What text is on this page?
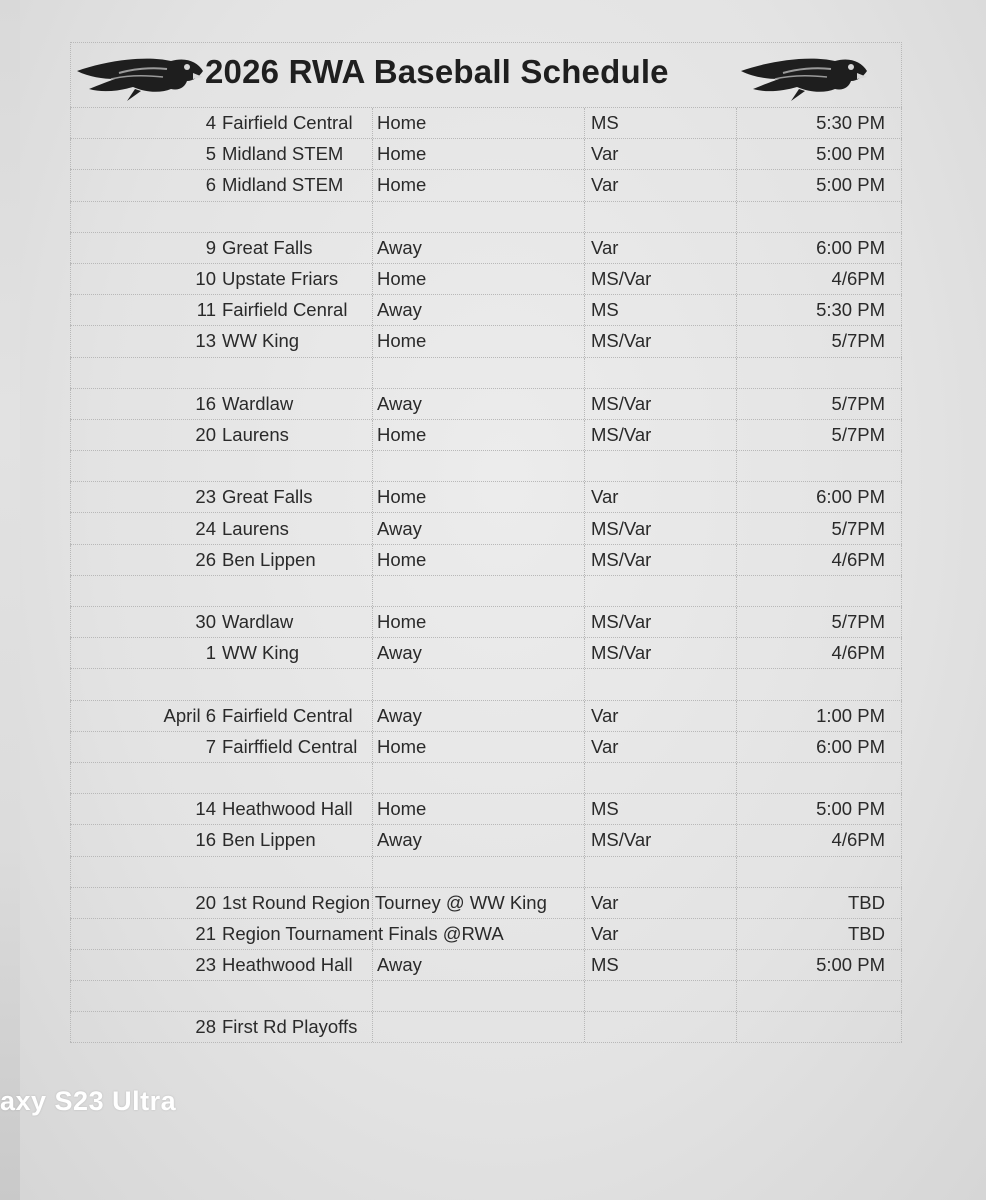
2026 RWA Baseball Schedule
4 Fairfield Central	Home	MS	5:30 PM
5 Midland STEM	Home	Var	5:00 PM
6 Midland STEM	Home	Var	5:00 PM
9 Great Falls	Away	Var	6:00 PM
10 Upstate Friars	Home	MS/Var	4/6PM
11 Fairfield Cenral	Away	MS	5:30 PM
13 WW King	Home	MS/Var	5/7PM
16 Wardlaw	Away	MS/Var	5/7PM
20 Laurens	Home	MS/Var	5/7PM
23 Great Falls	Home	Var	6:00 PM
24 Laurens	Away	MS/Var	5/7PM
26 Ben Lippen	Home	MS/Var	4/6PM
30 Wardlaw	Home	MS/Var	5/7PM
1 WW King	Away	MS/Var	4/6PM
April 6 Fairfield Central	Away	Var	1:00 PM
7 Fairffield Central	Home	Var	6:00 PM
14 Heathwood Hall	Home	MS	5:00 PM
16 Ben Lippen	Away	MS/Var	4/6PM
20 1st Round Region Tourney @ WW King	Var	TBD
21 Region Tournament Finals @RWA	Var	TBD
23 Heathwood Hall	Away	MS	5:00 PM
28 First Rd Playoffs
axy S23 Ultra
